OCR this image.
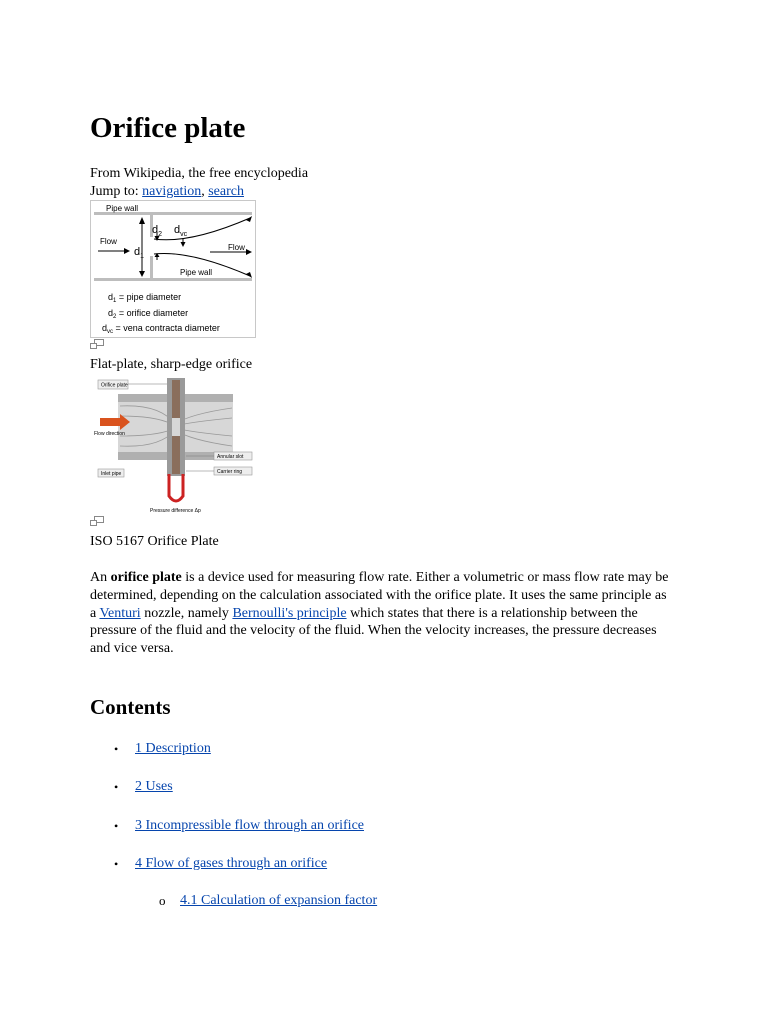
Orifice plate
From Wikipedia, the free encyclopedia
Jump to: navigation, search
Pipe wall
Flow
$d_1$
$d_2$ $d_{vc}$
Flow
Pipe wall
$d_1$ = pipe diameter
$d_2$ = orifice diameter
$d_{vc}$ = vena contracta diameter
Flat-plate, sharp-edge orifice
Orifice plate
Flow direction
Inlet pipe
Annular slot
Carrier ring
Pressure difference Δp
ISO 5167 Orifice Plate

An orifice plate is a device used for measuring flow rate. Either a volumetric or mass flow rate may be determined, depending on the calculation associated with the orifice plate. It uses the same principle as a Venturi nozzle, namely Bernoulli's principle which states that there is a relationship between the pressure of the fluid and the velocity of the fluid. When the velocity increases, the pressure decreases and vice versa.

Contents
• 1 Description
• 2 Uses
• 3 Incompressible flow through an orifice
• 4 Flow of gases through an orifice
o 4.1 Calculation of expansion factor
